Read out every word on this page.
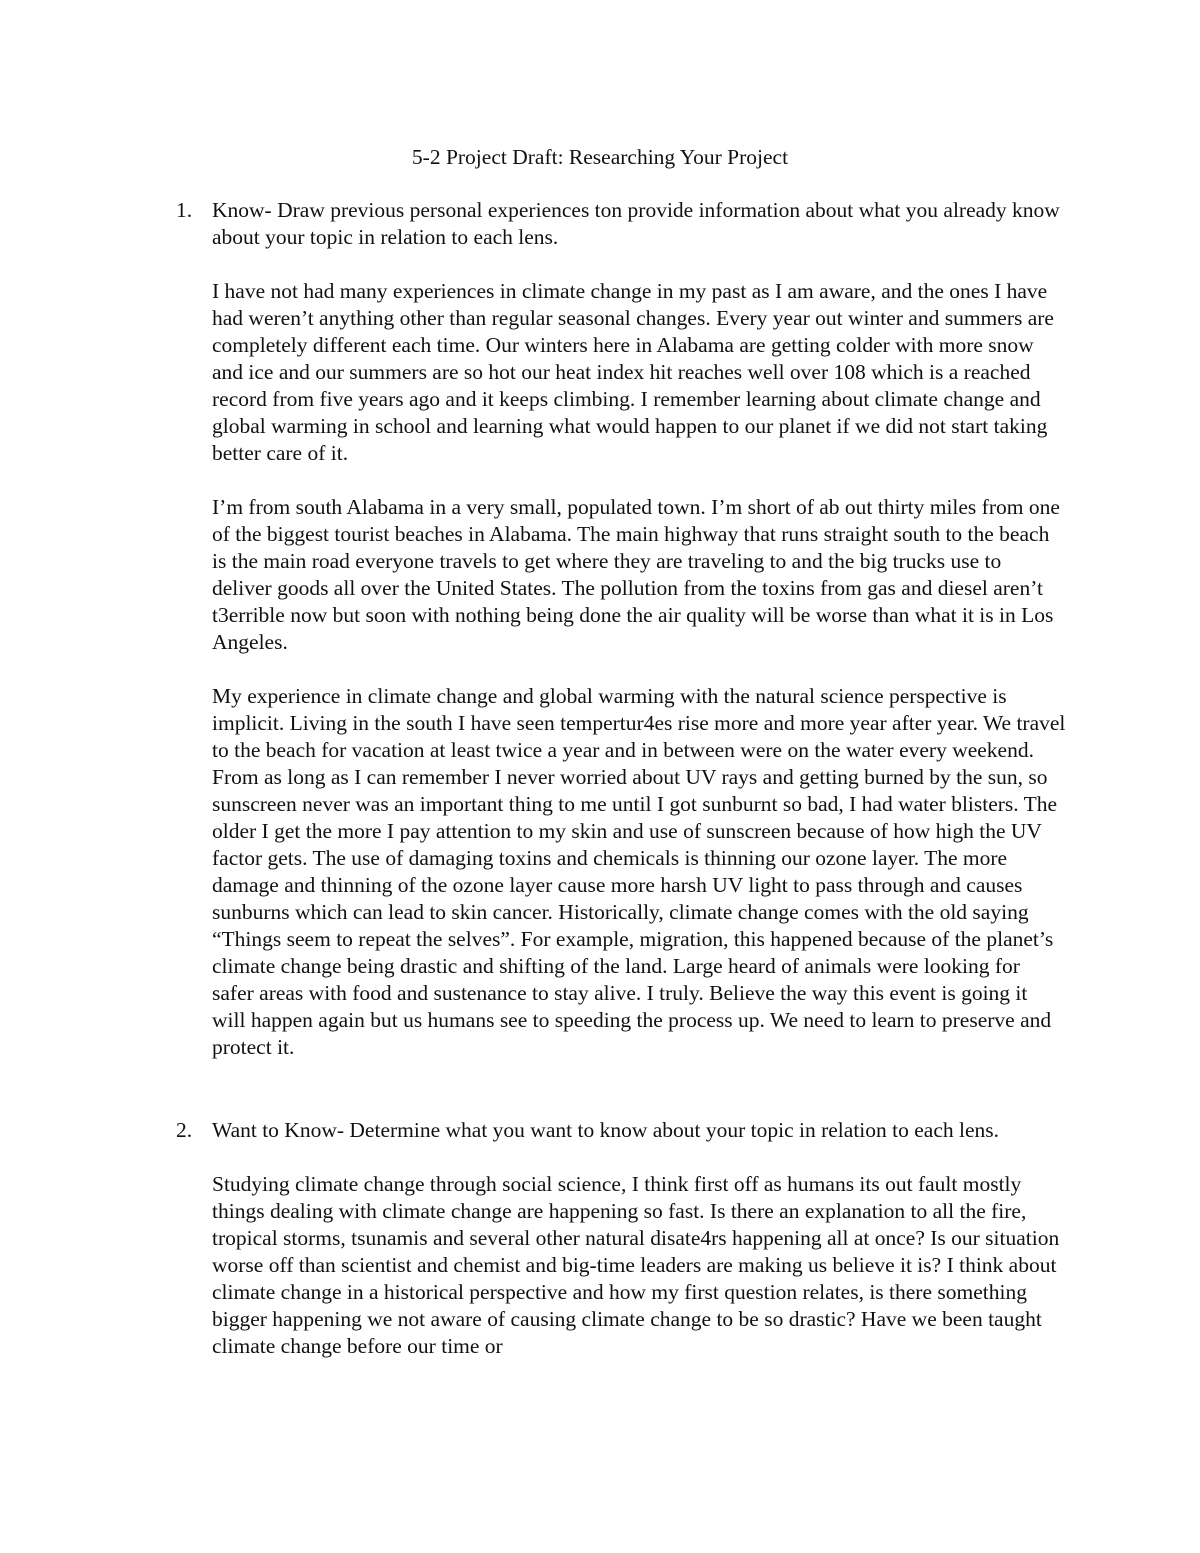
5-2 Project Draft: Researching Your Project
1. Know- Draw previous personal experiences ton provide information about what you already know about your topic in relation to each lens.

I have not had many experiences in climate change in my past as I am aware, and the ones I have had weren’t anything other than regular seasonal changes. Every year out winter and summers are completely different each time. Our winters here in Alabama are getting colder with more snow and ice and our summers are so hot our heat index hit reaches well over 108 which is a reached record from five years ago and it keeps climbing. I remember learning about climate change and global warming in school and learning what would happen to our planet if we did not start taking better care of it.

I’m from south Alabama in a very small, populated town. I’m short of ab out thirty miles from one of the biggest tourist beaches in Alabama. The main highway that runs straight south to the beach is the main road everyone travels to get where they are traveling to and the big trucks use to deliver goods all over the United States. The pollution from the toxins from gas and diesel aren’t t3errible now but soon with nothing being done the air quality will be worse than what it is in Los Angeles.

My experience in climate change and global warming with the natural science perspective is implicit. Living in the south I have seen tempertur4es rise more and more year after year. We travel to the beach for vacation at least twice a year and in between were on the water every weekend. From as long as I can remember I never worried about UV rays and getting burned by the sun, so sunscreen never was an important thing to me until I got sunburnt so bad, I had water blisters. The older I get the more I pay attention to my skin and use of sunscreen because of how high the UV factor gets. The use of damaging toxins and chemicals is thinning our ozone layer. The more damage and thinning of the ozone layer cause more harsh UV light to pass through and causes sunburns which can lead to skin cancer. Historically, climate change comes with the old saying “Things seem to repeat the selves”. For example, migration, this happened because of the planet’s climate change being drastic and shifting of the land. Large heard of animals were looking for safer areas with food and sustenance to stay alive. I truly. Believe the way this event is going it will happen again but us humans see to speeding the process up. We need to learn to preserve and protect it.

2. Want to Know- Determine what you want to know about your topic in relation to each lens.

Studying climate change through social science, I think first off as humans its out fault mostly things dealing with climate change are happening so fast. Is there an explanation to all the fire, tropical storms, tsunamis and several other natural disate4rs happening all at once? Is our situation worse off than scientist and chemist and big-time leaders are making us believe it is? I think about climate change in a historical perspective and how my first question relates, is there something bigger happening we not aware of causing climate change to be so drastic? Have we been taught climate change before our time or
